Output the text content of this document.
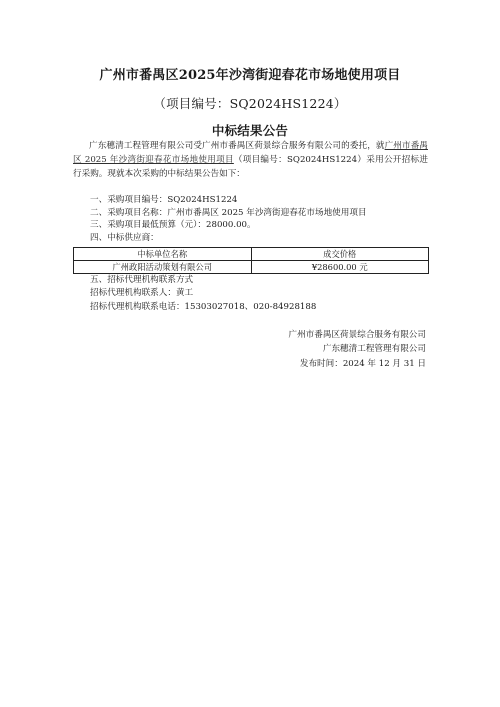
广州市番禺区2025年沙湾街迎春花市场地使用项目
（项目编号：SQ2024HS1224）
中标结果公告
广东穗清工程管理有限公司受广州市番禺区荷景综合服务有限公司的委托，就广州市番禺区 2025 年沙湾街迎春花市场地使用项目（项目编号：SQ2024HS1224）采用公开招标进行采购。现就本次采购的中标结果公告如下：
一、采购项目编号：SQ2024HS1224
二、采购项目名称：广州市番禺区 2025 年沙湾街迎春花市场地使用项目
三、采购项目最低预算（元）：28000.00。
四、中标供应商：
中标单位名称	成交价格
广州政阳活动策划有限公司	¥28600.00 元
五、招标代理机构联系方式
招标代理机构联系人：黄工
招标代理机构联系电话：15303027018、020-84928188
广州市番禺区荷景综合服务有限公司
广东穗清工程管理有限公司
发布时间：2024 年 12 月 31 日
